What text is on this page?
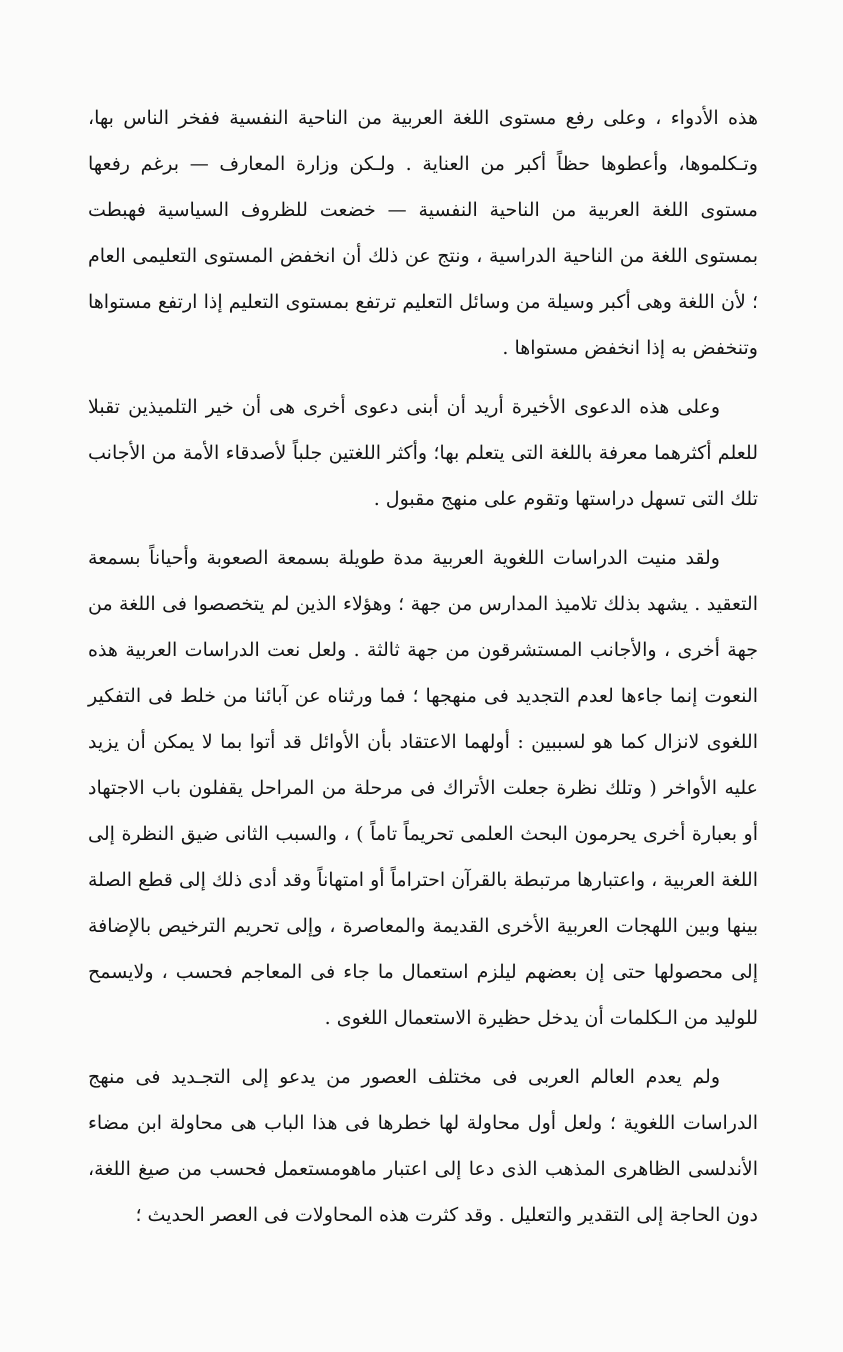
هذه الأدواء ، وعلى رفع مستوى اللغة العربية من الناحية النفسية ففخر الناس بها، وتـكلموها، وأعطوها حظاً أكبر من العناية . ولـكن وزارة المعارف — برغم رفعها مستوى اللغة العربية من الناحية النفسية — خضعت للظروف السياسية فهبطت بمستوى اللغة من الناحية الدراسية ، ونتج عن ذلك أن انخفض المستوى التعليمى العام ؛ لأن اللغة وهى أكبر وسيلة من وسائل التعليم ترتفع بمستوى التعليم إذا ارتفع مستواها وتنخفض به إذا انخفض مستواها .

وعلى هذه الدعوى الأخيرة أريد أن أبنى دعوى أخرى هى أن خير التلميذين تقبلا للعلم أكثرهما معرفة باللغة التى يتعلم بها؛ وأكثر اللغتين جلباً لأصدقاء الأمة من الأجانب تلك التى تسهل دراستها وتقوم على منهج مقبول .

ولقد منيت الدراسات اللغوية العربية مدة طويلة بسمعة الصعوبة وأحياناً بسمعة التعقيد . يشهد بذلك تلاميذ المدارس من جهة ؛ وهؤلاء الذين لم يتخصصوا فى اللغة من جهة أخرى ، والأجانب المستشرقون من جهة ثالثة . ولعل نعت الدراسات العربية هذه النعوت إنما جاءها لعدم التجديد فى منهجها ؛ فما ورثناه عن آبائنا من خلط فى التفكير اللغوى لانزال كما هو لسببين : أولهما الاعتقاد بأن الأوائل قد أتوا بما لا يمكن أن يزيد عليه الأواخر ( وتلك نظرة جعلت الأتراك فى مرحلة من المراحل يقفلون باب الاجتهاد أو بعبارة أخرى يحرمون البحث العلمى تحريماً تاماً ) ، والسبب الثانى ضيق النظرة إلى اللغة العربية ، واعتبارها مرتبطة بالقرآن احتراماً أو امتهاناً وقد أدى ذلك إلى قطع الصلة بينها وبين اللهجات العربية الأخرى القديمة والمعاصرة ، وإلى تحريم الترخيص بالإضافة إلى محصولها حتى إن بعضهم ليلزم استعمال ما جاء فى المعاجم فحسب ، ولايسمح للوليد من الـكلمات أن يدخل حظيرة الاستعمال اللغوى .

ولم يعدم العالم العربى فى مختلف العصور من يدعو إلى التجـديد فى منهج الدراسات اللغوية ؛ ولعل أول محاولة لها خطرها فى هذا الباب هى محاولة ابن مضاء الأندلسى الظاهرى المذهب الذى دعا إلى اعتبار ماهومستعمل فحسب من صيغ اللغة، دون الحاجة إلى التقدير والتعليل . وقد كثرت هذه المحاولات فى العصر الحديث ؛
